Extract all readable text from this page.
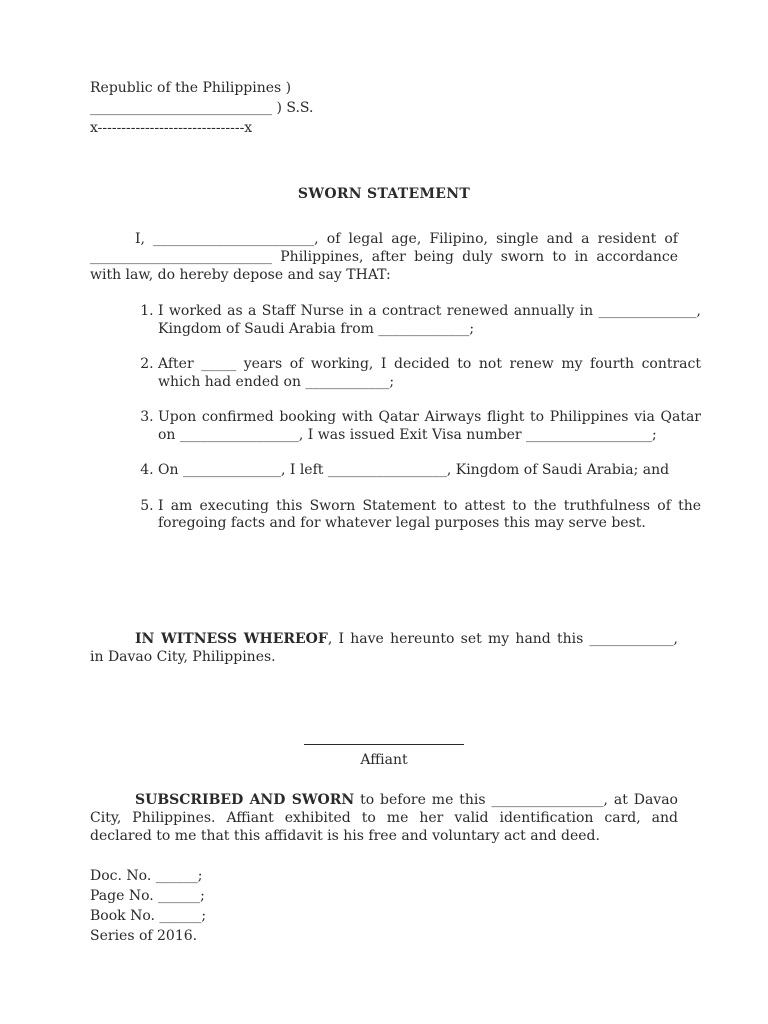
Republic of the Philippines )
__________________________ ) S.S.
x-------------------------------x
SWORN STATEMENT
I, _______________________, of legal age, Filipino, single and a resident of __________________________ Philippines, after being duly sworn to in accordance with law, do hereby depose and say THAT:
1. I worked as a Staff Nurse in a contract renewed annually in ______________, Kingdom of Saudi Arabia from _____________;
2. After _____ years of working, I decided to not renew my fourth contract which had ended on ____________;
3. Upon confirmed booking with Qatar Airways flight to Philippines via Qatar on _________________, I was issued Exit Visa number __________________;
4. On ______________, I left _________________, Kingdom of Saudi Arabia; and
5. I am executing this Sworn Statement to attest to the truthfulness of the foregoing facts and for whatever legal purposes this may serve best.
IN WITNESS WHEREOF, I have hereunto set my hand this ____________, in Davao City, Philippines.
Affiant
SUBSCRIBED AND SWORN to before me this ________________, at Davao City, Philippines. Affiant exhibited to me her valid identification card, and declared to me that this affidavit is his free and voluntary act and deed.
Doc. No. ______;
Page No. ______;
Book No. ______;
Series of 2016.
